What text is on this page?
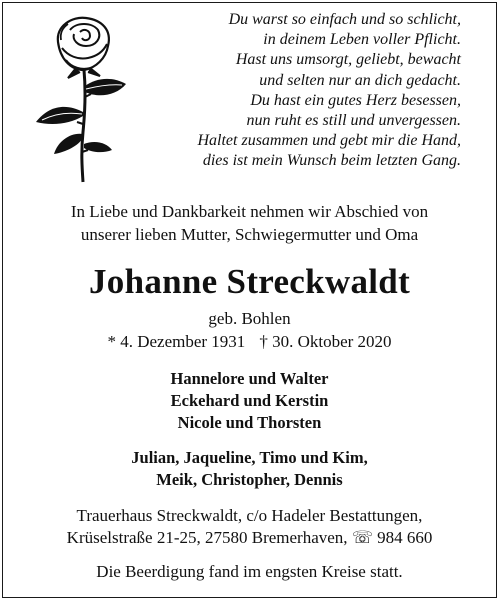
Du warst so einfach und so schlicht,
in deinem Leben voller Pflicht.
Hast uns umsorgt, geliebt, bewacht
und selten nur an dich gedacht.
Du hast ein gutes Herz besessen,
nun ruht es still und unvergessen.
Haltet zusammen und gebt mir die Hand,
dies ist mein Wunsch beim letzten Gang.
In Liebe und Dankbarkeit nehmen wir Abschied von
unserer lieben Mutter, Schwiegermutter und Oma
Johanne Streckwaldt
geb. Bohlen
* 4. Dezember 1931 † 30. Oktober 2020
Hannelore und Walter
Eckehard und Kerstin
Nicole und Thorsten
Julian, Jaqueline, Timo und Kim,
Meik, Christopher, Dennis
Trauerhaus Streckwaldt, c/o Hadeler Bestattungen,
Krüselstraße 21-25, 27580 Bremerhaven, ☏ 984 660
Die Beerdigung fand im engsten Kreise statt.
